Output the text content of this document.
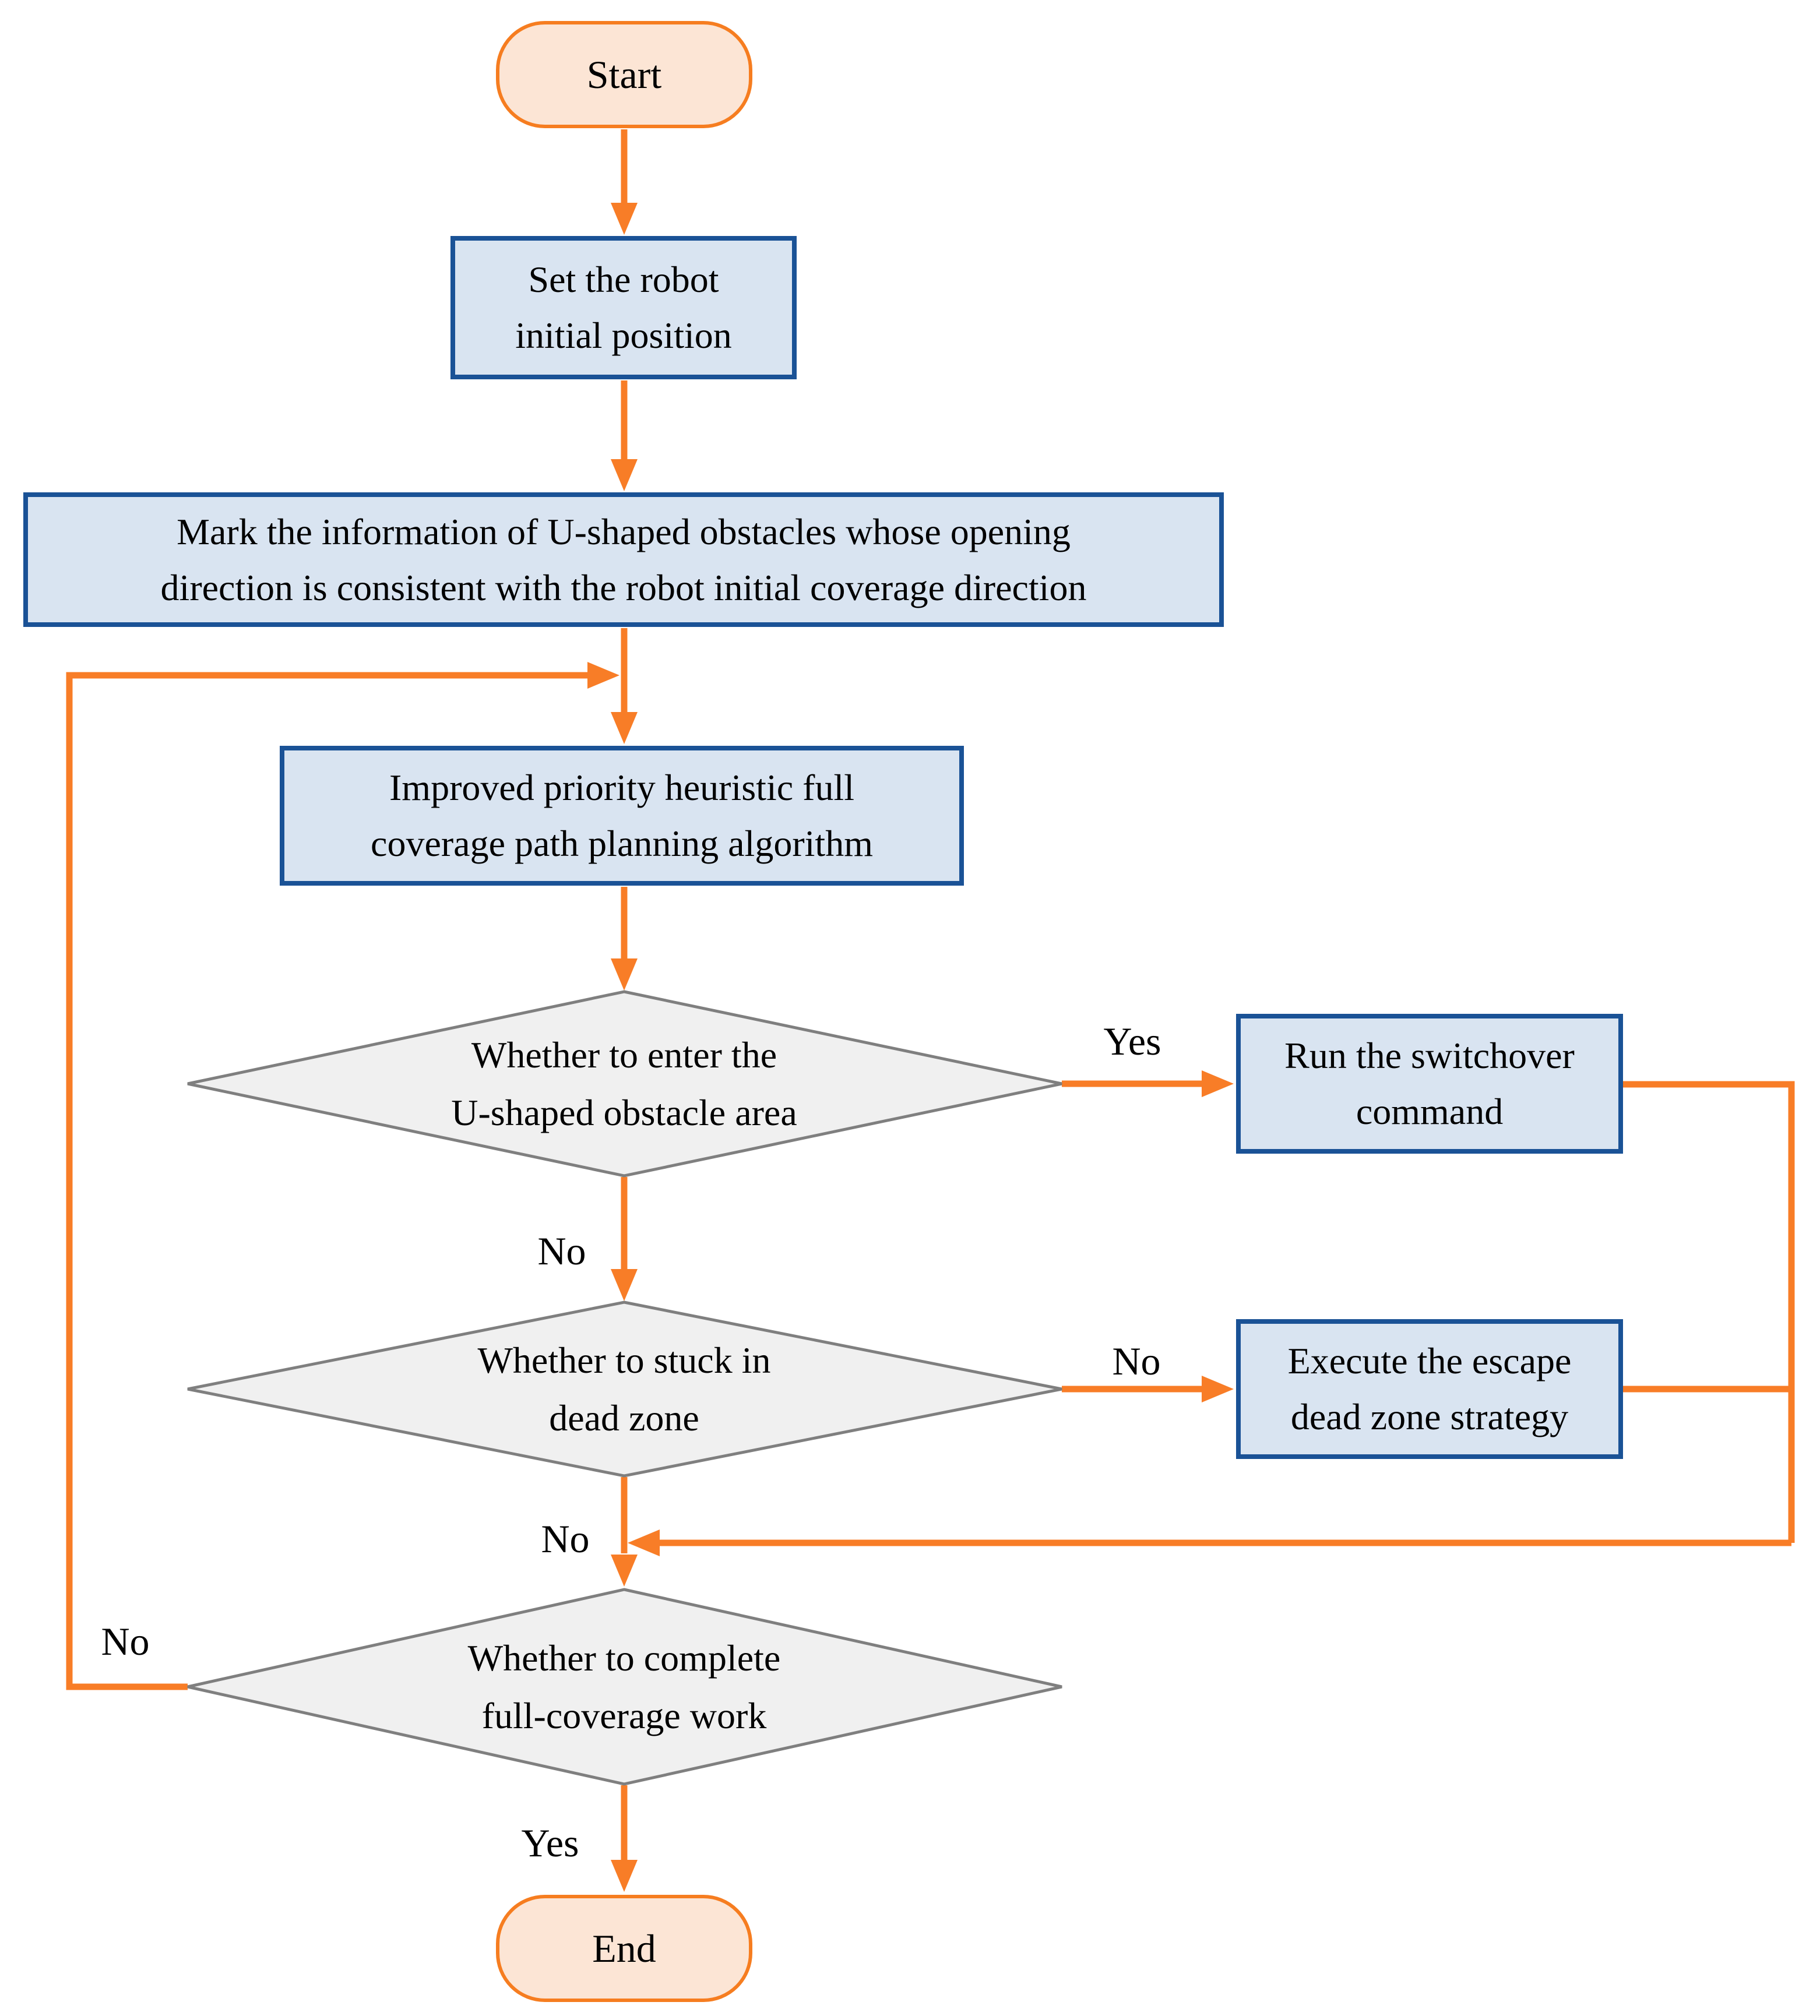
Start
Set the robot
initial position
Mark the information of U-shaped obstacles whose opening
direction is consistent with the robot initial coverage direction
Improved priority heuristic full
coverage path planning algorithm
Run the switchover
command
Execute the escape
dead zone strategy
End
Whether to enter the
U-shaped obstacle area
Whether to stuck in
dead zone
Whether to complete
full-coverage work
Yes
No
No
No
No
Yes
